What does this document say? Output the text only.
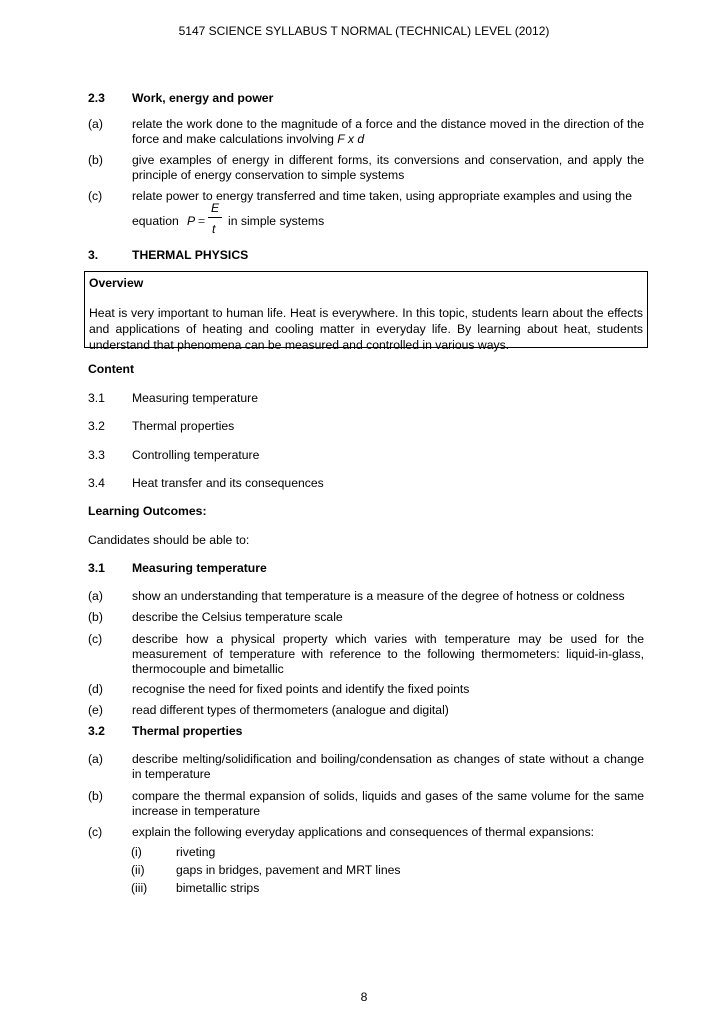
5147 SCIENCE SYLLABUS T NORMAL (TECHNICAL) LEVEL (2012)
2.3 Work, energy and power
(a) relate the work done to the magnitude of a force and the distance moved in the direction of the force and make calculations involving F x d
(b) give examples of energy in different forms, its conversions and conservation, and apply the principle of energy conservation to simple systems
(c) relate power to energy transferred and time taken, using appropriate examples and using the
equation P =
E
t
in simple systems
3.	THERMAL PHYSICS
Overview
Heat is very important to human life. Heat is everywhere. In this topic, students learn about the effects and applications of heating and cooling matter in everyday life. By learning about heat, students understand that phenomena can be measured and controlled in various ways.
Content
3.1 Measuring temperature
3.2 Thermal properties
3.3 Controlling temperature
3.4 Heat transfer and its consequences
Learning Outcomes:
Candidates should be able to:
3.1 Measuring temperature
(a) show an understanding that temperature is a measure of the degree of hotness or coldness
(b) describe the Celsius temperature scale
(c) describe how a physical property which varies with temperature may be used for the measurement of temperature with reference to the following thermometers: liquid-in-glass, thermocouple and bimetallic
(d) recognise the need for fixed points and identify the fixed points
(e) read different types of thermometers (analogue and digital)
3.2 Thermal properties
(a) describe melting/solidification and boiling/condensation as changes of state without a change in temperature
(b) compare the thermal expansion of solids, liquids and gases of the same volume for the same increase in temperature
(c) explain the following everyday applications and consequences of thermal expansions:
(i)	riveting
(ii)	gaps in bridges, pavement and MRT lines
(iii) bimetallic strips
8
